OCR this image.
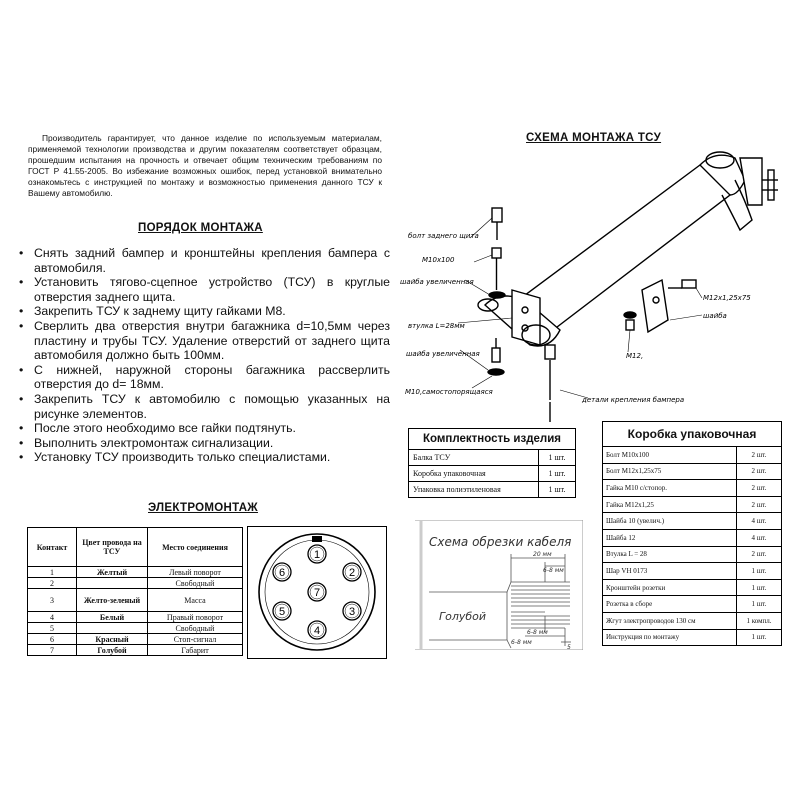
Производитель гарантирует, что данное изделие по используемым материалам, применяемой технологии производства и другим показателям соответствует образцам, прошедшим испытания на прочность и отвечает общим техническим требованиям по ГОСТ Р 41.55-2005. Во избежание возможных ошибок, перед установкой внимательно ознакомьтесь с инструкцией по монтажу и возможностью применения данного ТСУ к Вашему автомобилю.
ПОРЯДОК МОНТАЖА
• Снять задний бампер и кронштейны крепления бампера с автомобиля.
• Установить тягово-сцепное устройство (ТСУ) в круглые отверстия заднего щита.
• Закрепить ТСУ к заднему щиту гайками М8.
• Сверлить два отверстия внутри багажника d=10,5мм через пластину и трубы ТСУ. Удаление отверстий от заднего щита автомобиля должно быть 100мм.
• С нижней, наружной стороны багажника рассверлить отверстия до d= 18мм.
• Закрепить ТСУ к автомобилю с помощью указанных на рисунке элементов.
• После этого необходимо все гайки подтянуть.
• Выполнить электромонтаж сигнализации.
• Установку ТСУ производить только специалистами.
СХЕМА МОНТАЖА ТСУ
болт заднего щита
M10х100
шайба увеличенная
втулка L=28мм
шайба увеличенная
M10,самостопорящаяся
детали крепления бампера
M12х1,25х75
шайба
M12,
ЭЛЕКТРОМОНТАЖ
Контакт	Цвет провода на ТСУ	Место соединения
1	Желтый	Левый поворот
2		Свободный
3	Желто-зеленый	Масса
4	Белый	Правый поворот
5		Свободный
6	Красный	Стоп-сигнал
7	Голубой	Габарит
1
2
3
4
5
6
7
Комплектность изделия	
Балка ТСУ	1 шт.
Коробка упаковочная	1 шт.
Упаковка полиэтиленовая	1 шт.
Коробка упаковочная	
Болт М10х100	2 шт.
Болт М12х1,25х75	2 шт.
Гайка М10 с/стопор.	2 шт.
Гайка М12х1,25	2 шт.
Шайба 10 (увелич.)	4 шт.
Шайба 12	4 шт.
Втулка L = 28	2 шт.
Шар VH 0173	1 шт.
Кронштейн розетки	1 шт.
Розетка в сборе	1 шт.
Жгут электропроводов 130 см	1 компл.
Инструкция по монтажу	1 шт.
Схема обрезки кабеля
20 мм
6-8 мм
6-8 мм
6-8 мм
5
Голубой
